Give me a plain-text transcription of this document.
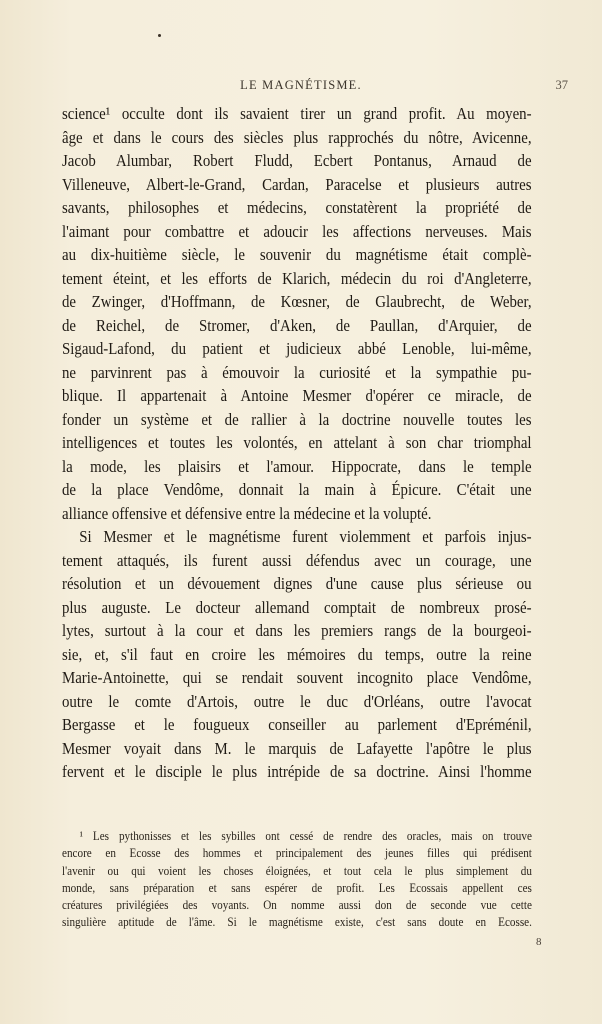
LE MAGNÉTISME.	37
science¹ occulte dont ils savaient tirer un grand profit. Au moyen-
âge et dans le cours des siècles plus rapprochés du nôtre, Avicenne,
Jacob Alumbar, Robert Fludd, Ecbert Pontanus, Arnaud de
Villeneuve, Albert-le-Grand, Cardan, Paracelse et plusieurs autres
savants, philosophes et médecins, constatèrent la propriété de
l'aimant pour combattre et adoucir les affections nerveuses. Mais
au dix-huitième siècle, le souvenir du magnétisme était complè-
tement éteint, et les efforts de Klarich, médecin du roi d'Angleterre,
de Zwinger, d'Hoffmann, de Kœsner, de Glaubrecht, de Weber,
de Reichel, de Stromer, d'Aken, de Paullan, d'Arquier, de
Sigaud-Lafond, du patient et judicieux abbé Lenoble, lui-même,
ne parvinrent pas à émouvoir la curiosité et la sympathie pu-
blique. Il appartenait à Antoine Mesmer d'opérer ce miracle, de
fonder un système et de rallier à la doctrine nouvelle toutes les
intelligences et toutes les volontés, en attelant à son char triomphal
la mode, les plaisirs et l'amour. Hippocrate, dans le temple
de la place Vendôme, donnait la main à Épicure. C'était une
alliance offensive et défensive entre la médecine et la volupté.
Si Mesmer et le magnétisme furent violemment et parfois injus-
tement attaqués, ils furent aussi défendus avec un courage, une
résolution et un dévouement dignes d'une cause plus sérieuse ou
plus auguste. Le docteur allemand comptait de nombreux prosé-
lytes, surtout à la cour et dans les premiers rangs de la bourgeoi-
sie, et, s'il faut en croire les mémoires du temps, outre la reine
Marie-Antoinette, qui se rendait souvent incognito place Vendôme,
outre le comte d'Artois, outre le duc d'Orléans, outre l'avocat
Bergasse et le fougueux conseiller au parlement d'Epréménil,
Mesmer voyait dans M. le marquis de Lafayette l'apôtre le plus
fervent et le disciple le plus intrépide de sa doctrine. Ainsi l'homme
¹ Les pythonisses et les sybilles ont cessé de rendre des oracles, mais on trouve
encore en Ecosse des hommes et principalement des jeunes filles qui prédisent
l'avenir ou qui voient les choses éloignées, et tout cela le plus simplement du
monde, sans préparation et sans espérer de profit. Les Ecossais appellent ces
créatures privilégiées des voyants. On nomme aussi don de seconde vue cette
singulière aptitude de l'âme. Si le magnétisme existe, c'est sans doute en Ecosse.
8
